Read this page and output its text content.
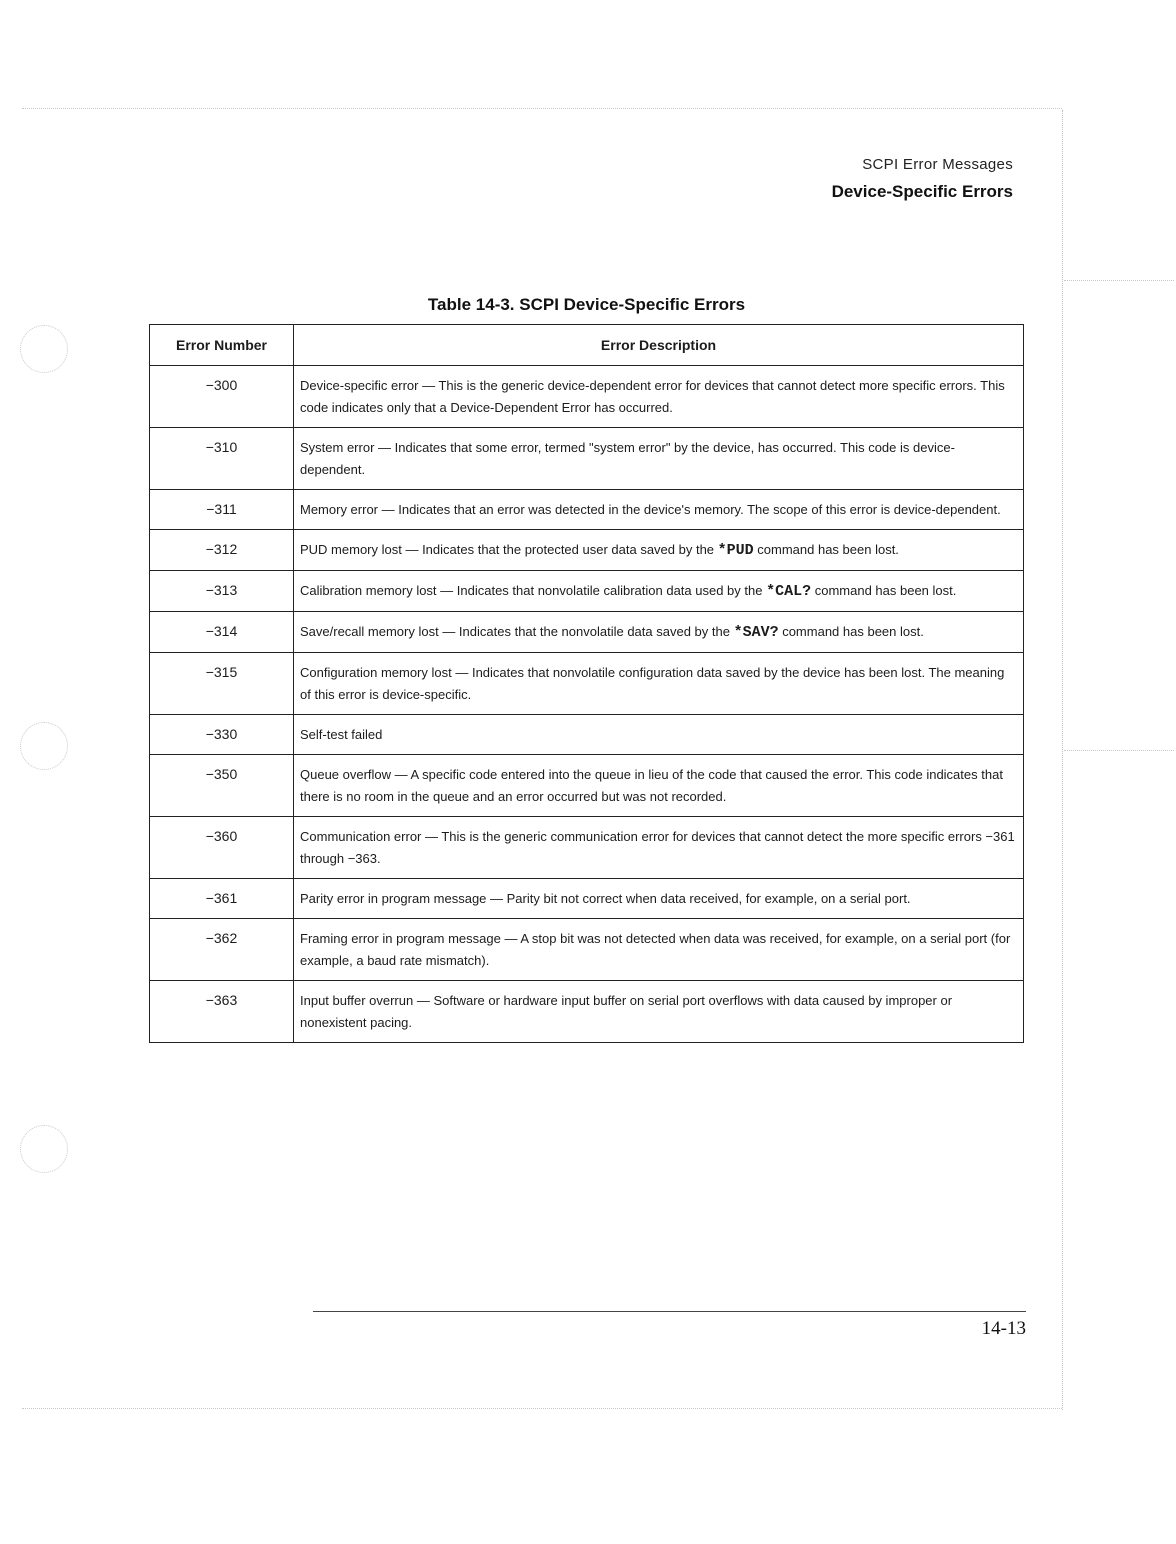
SCPI Error Messages
Device-Specific Errors
Table 14-3. SCPI Device-Specific Errors
Error Number	Error Description
−300	Device-specific error — This is the generic device-dependent error for devices that cannot detect more specific errors. This code indicates only that a Device-Dependent Error has occurred.
−310	System error — Indicates that some error, termed "system error" by the device, has occurred. This code is device-dependent.
−311	Memory error — Indicates that an error was detected in the device's memory. The scope of this error is device-dependent.
−312	PUD memory lost — Indicates that the protected user data saved by the *PUD command has been lost.
−313	Calibration memory lost — Indicates that nonvolatile calibration data used by the *CAL? command has been lost.
−314	Save/recall memory lost — Indicates that the nonvolatile data saved by the *SAV? command has been lost.
−315	Configuration memory lost — Indicates that nonvolatile configuration data saved by the device has been lost. The meaning of this error is device-specific.
−330	Self-test failed
−350	Queue overflow — A specific code entered into the queue in lieu of the code that caused the error. This code indicates that there is no room in the queue and an error occurred but was not recorded.
−360	Communication error — This is the generic communication error for devices that cannot detect the more specific errors −361 through −363.
−361	Parity error in program message — Parity bit not correct when data received, for example, on a serial port.
−362	Framing error in program message — A stop bit was not detected when data was received, for example, on a serial port (for example, a baud rate mismatch).
−363	Input buffer overrun — Software or hardware input buffer on serial port overflows with data caused by improper or nonexistent pacing.
14-13
